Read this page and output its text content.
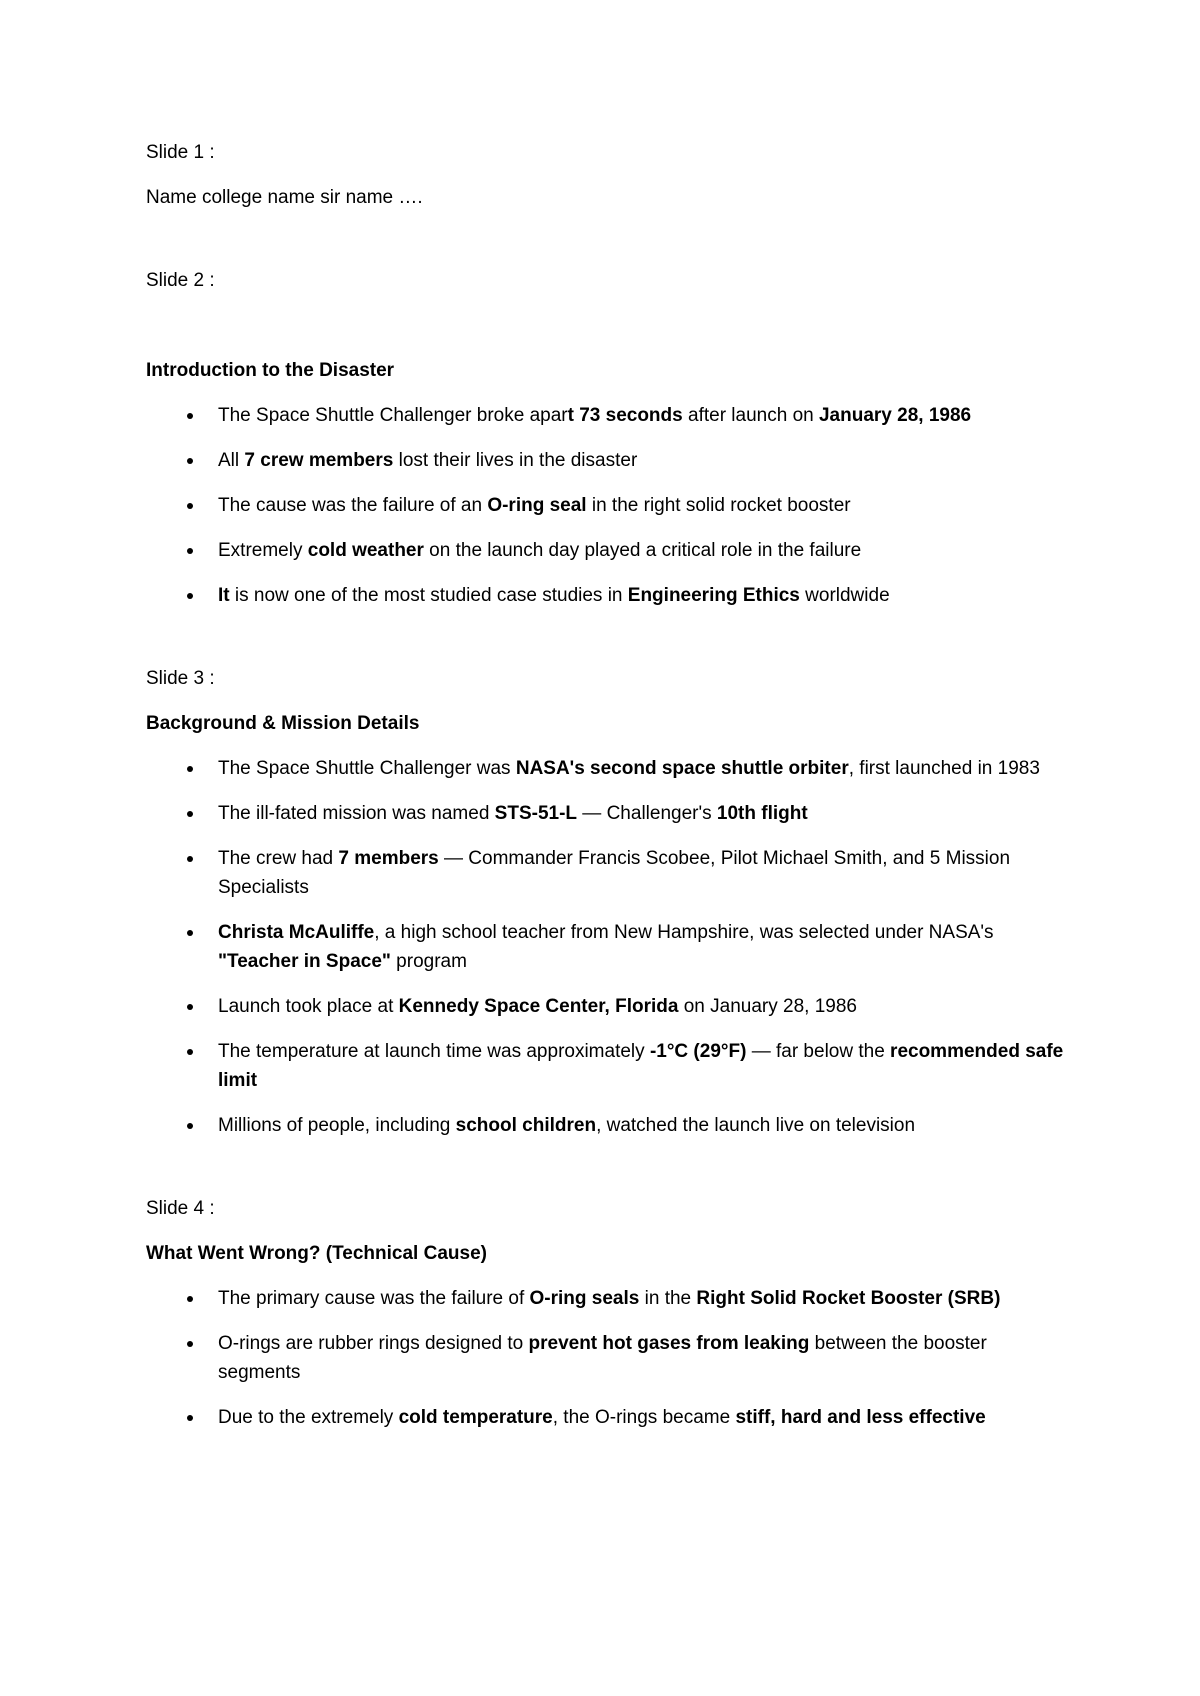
Slide 1 :

Name college name sir name ….

Slide 2 :

Introduction to the Disaster

The Space Shuttle Challenger broke apart 73 seconds after launch on January 28, 1986
All 7 crew members lost their lives in the disaster
The cause was the failure of an O-ring seal in the right solid rocket booster
Extremely cold weather on the launch day played a critical role in the failure
It is now one of the most studied case studies in Engineering Ethics worldwide

Slide 3 :

Background & Mission Details

The Space Shuttle Challenger was NASA's second space shuttle orbiter, first launched in 1983
The ill-fated mission was named STS-51-L — Challenger's 10th flight
The crew had 7 members — Commander Francis Scobee, Pilot Michael Smith, and 5 Mission Specialists
Christa McAuliffe, a high school teacher from New Hampshire, was selected under NASA's "Teacher in Space" program
Launch took place at Kennedy Space Center, Florida on January 28, 1986
The temperature at launch time was approximately -1°C (29°F) — far below the recommended safe limit
Millions of people, including school children, watched the launch live on television

Slide 4 :

What Went Wrong? (Technical Cause)

The primary cause was the failure of O-ring seals in the Right Solid Rocket Booster (SRB)
O-rings are rubber rings designed to prevent hot gases from leaking between the booster segments
Due to the extremely cold temperature, the O-rings became stiff, hard and less effective
